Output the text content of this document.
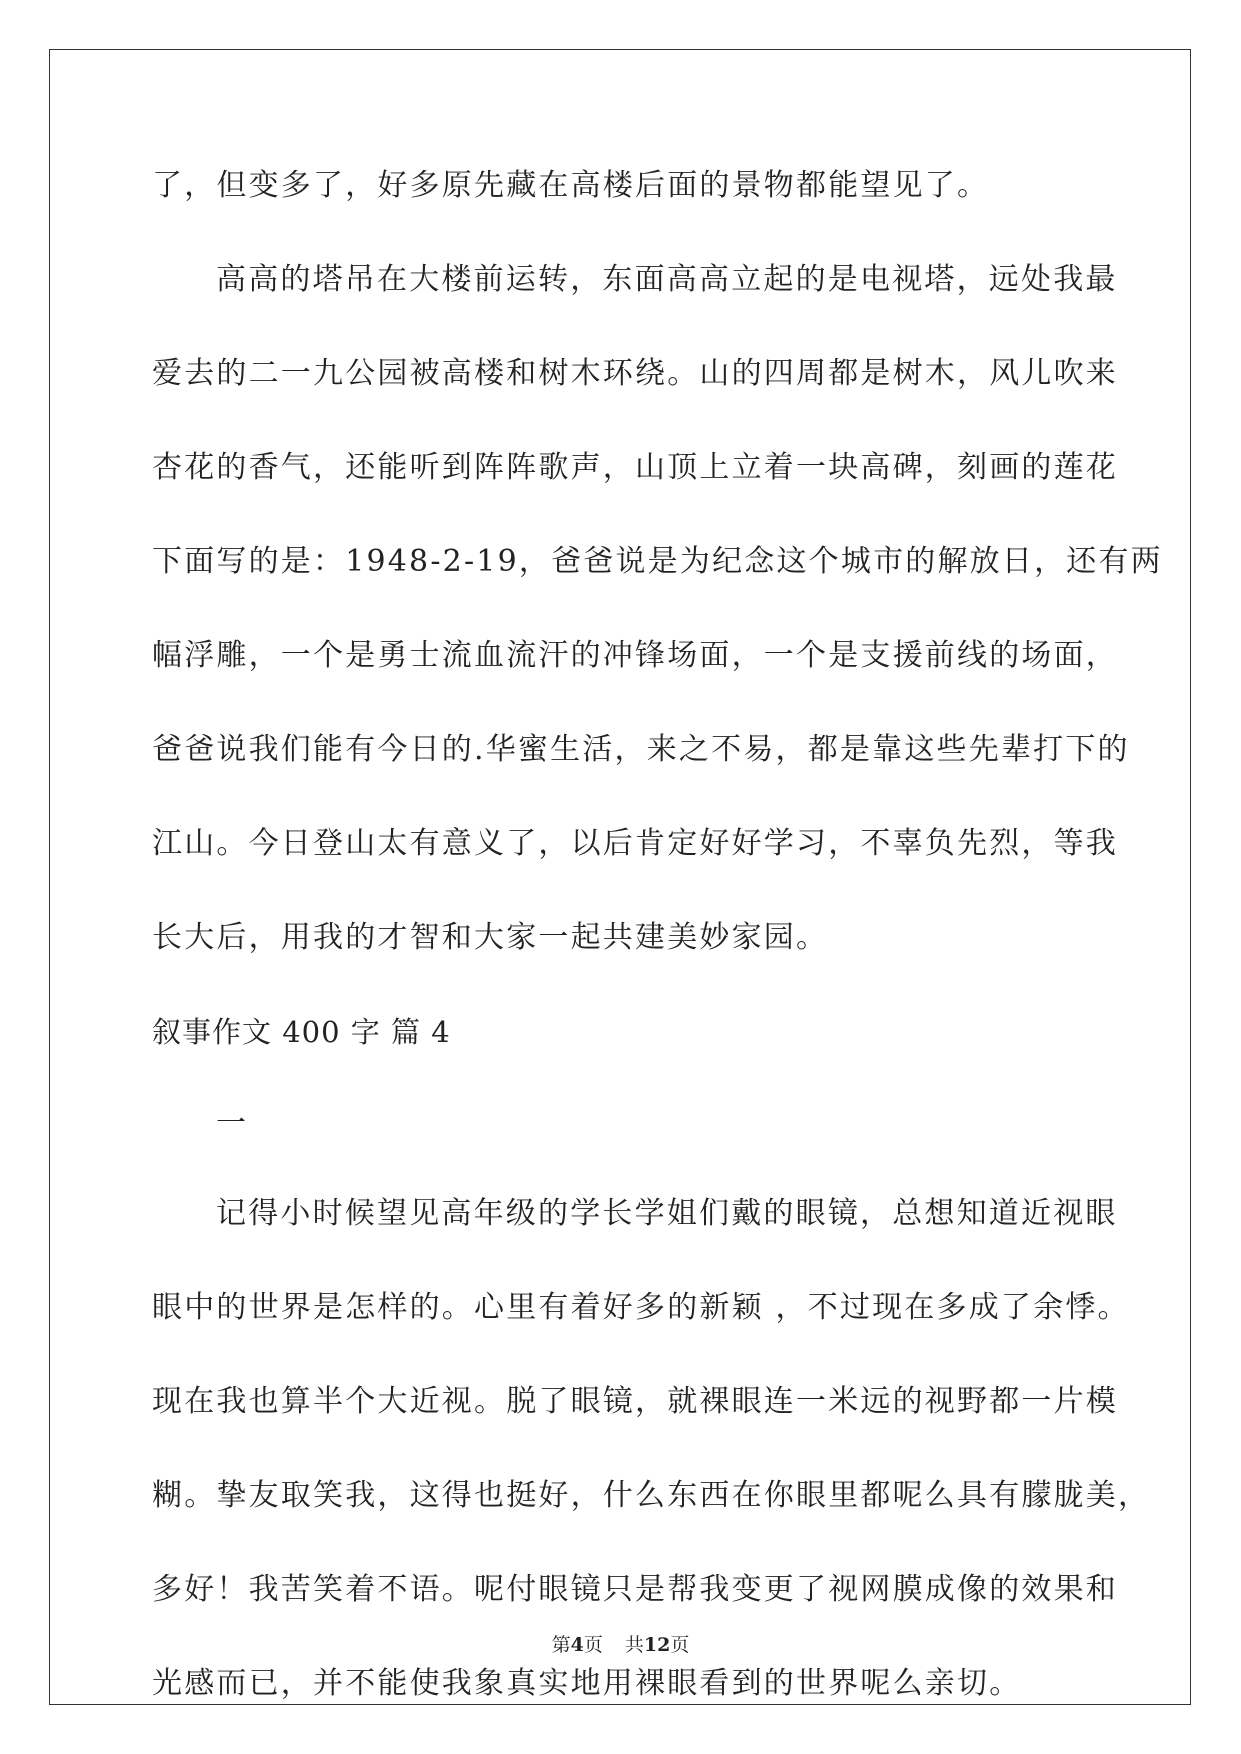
了，但变多了，好多原先藏在高楼后面的景物都能望见了。
高高的塔吊在大楼前运转，东面高高立起的是电视塔，远处我最
爱去的二一九公园被高楼和树木环绕。山的四周都是树木，风儿吹来
杏花的香气，还能听到阵阵歌声，山顶上立着一块高碑，刻画的莲花
下面写的是：1948-2-19，爸爸说是为纪念这个城市的解放日，还有两
幅浮雕，一个是勇士流血流汗的冲锋场面，一个是支援前线的场面，
爸爸说我们能有今日的.华蜜生活，来之不易，都是靠这些先辈打下的
江山。今日登山太有意义了，以后肯定好好学习，不辜负先烈，等我
长大后，用我的才智和大家一起共建美妙家园。
叙事作文 400 字 篇 4
一
记得小时候望见高年级的学长学姐们戴的眼镜，总想知道近视眼
眼中的世界是怎样的。心里有着好多的新颖 ，不过现在多成了余悸。
现在我也算半个大近视。脱了眼镜，就裸眼连一米远的视野都一片模
糊。挚友取笑我，这得也挺好，什么东西在你眼里都呢么具有朦胧美，
多好！我苦笑着不语。呢付眼镜只是帮我变更了视网膜成像的效果和
光感而已，并不能使我象真实地用裸眼看到的世界呢么亲切。
第4页 共12页
